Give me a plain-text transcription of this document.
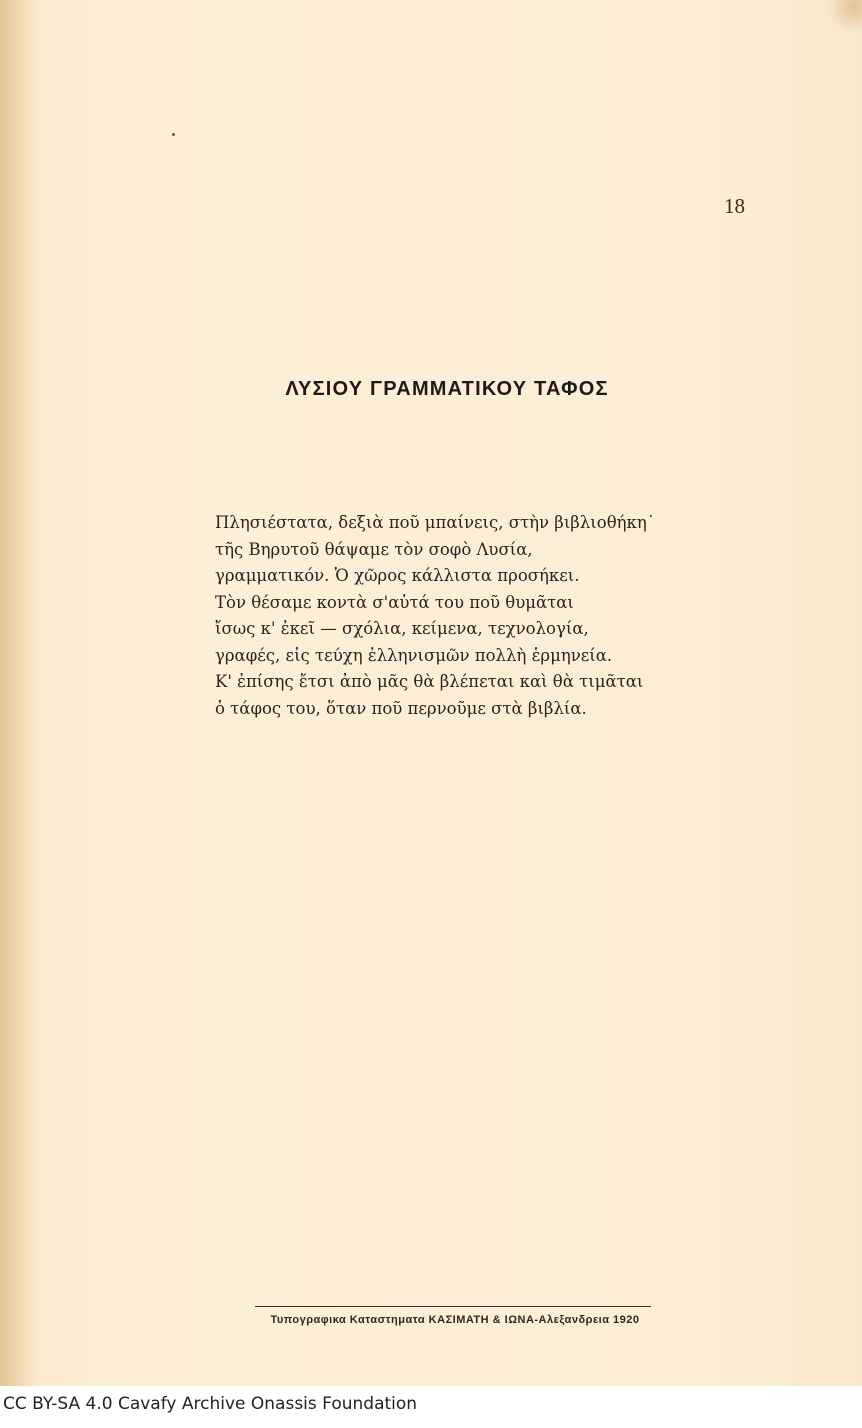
18
ΛΥΣΙΟΥ ΓΡΑΜΜΑΤΙΚΟΥ ΤΑΦΟΣ
Πλησιέστατα, δεξιὰ ποῦ μπαίνεις, στὴν βιβλιοθήκη˙
τῆς Βηρυτοῦ θάψαμε τὸν σοφὸ Λυσία,
γραμματικόν. Ὁ χῶρος κάλλιστα προσήκει.
Τὸν θέσαμε κοντὰ σ'αὐτά του ποῦ θυμᾶται
ἴσως κ' ἐκεῖ — σχόλια, κείμενα, τεχνολογία,
γραφές, εἰς τεύχη ἑλληνισμῶν πολλὴ ἑρμηνεία.
Κ' ἐπίσης ἔτσι ἀπὸ μᾶς θὰ βλέπεται καὶ θὰ τιμᾶται
ὁ τάφος του, ὅταν ποῦ περνοῦμε στὰ βιβλία.
Τυπογραφικα Καταστηματα ΚΑΣΙΜΑΤΗ & ΙΩΝΑ-Αλεξανδρεια 1920
CC BY-SA 4.0 Cavafy Archive Onassis Foundation
